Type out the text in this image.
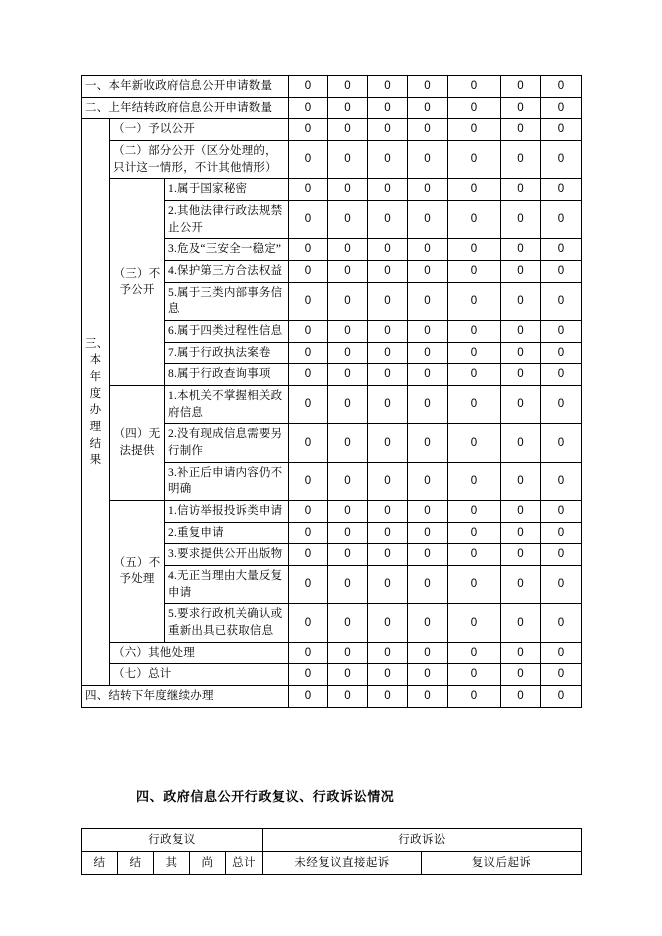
一、本年新收政府信息公开申请数量			0	0	0	0	0	0	0
二、上年结转政府信息公开申请数量			0	0	0	0	0	0	0
三、本年度办理结果	（一）予以公开		0	0	0	0	0	0	0
	（二）部分公开（区分处理的，只计这一情形，不计其他情形）		0	0	0	0	0	0	0
	（三）不予公开	1.属于国家秘密	0	0	0	0	0	0	0
		2.其他法律行政法规禁止公开	0	0	0	0	0	0	0
		3.危及“三安全一稳定”	0	0	0	0	0	0	0
		4.保护第三方合法权益	0	0	0	0	0	0	0
		5.属于三类内部事务信息	0	0	0	0	0	0	0
		6.属于四类过程性信息	0	0	0	0	0	0	0
		7.属于行政执法案卷	0	0	0	0	0	0	0
		8.属于行政查询事项	0	0	0	0	0	0	0
	（四）无法提供	1.本机关不掌握相关政府信息	0	0	0	0	0	0	0
		2.没有现成信息需要另行制作	0	0	0	0	0	0	0
		3.补正后申请内容仍不明确	0	0	0	0	0	0	0
	（五）不予处理	1.信访举报投诉类申请	0	0	0	0	0	0	0
		2.重复申请	0	0	0	0	0	0	0
		3.要求提供公开出版物	0	0	0	0	0	0	0
		4.无正当理由大量反复申请	0	0	0	0	0	0	0
		5.要求行政机关确认或重新出具已获取信息	0	0	0	0	0	0	0
	（六）其他处理		0	0	0	0	0	0	0
	（七）总计		0	0	0	0	0	0	0
四、结转下年度继续办理			0	0	0	0	0	0	0
四、政府信息公开行政复议、行政诉讼情况
行政复议					行政诉讼	
结	结	其	尚	总计	未经复议直接起诉	复议后起诉
